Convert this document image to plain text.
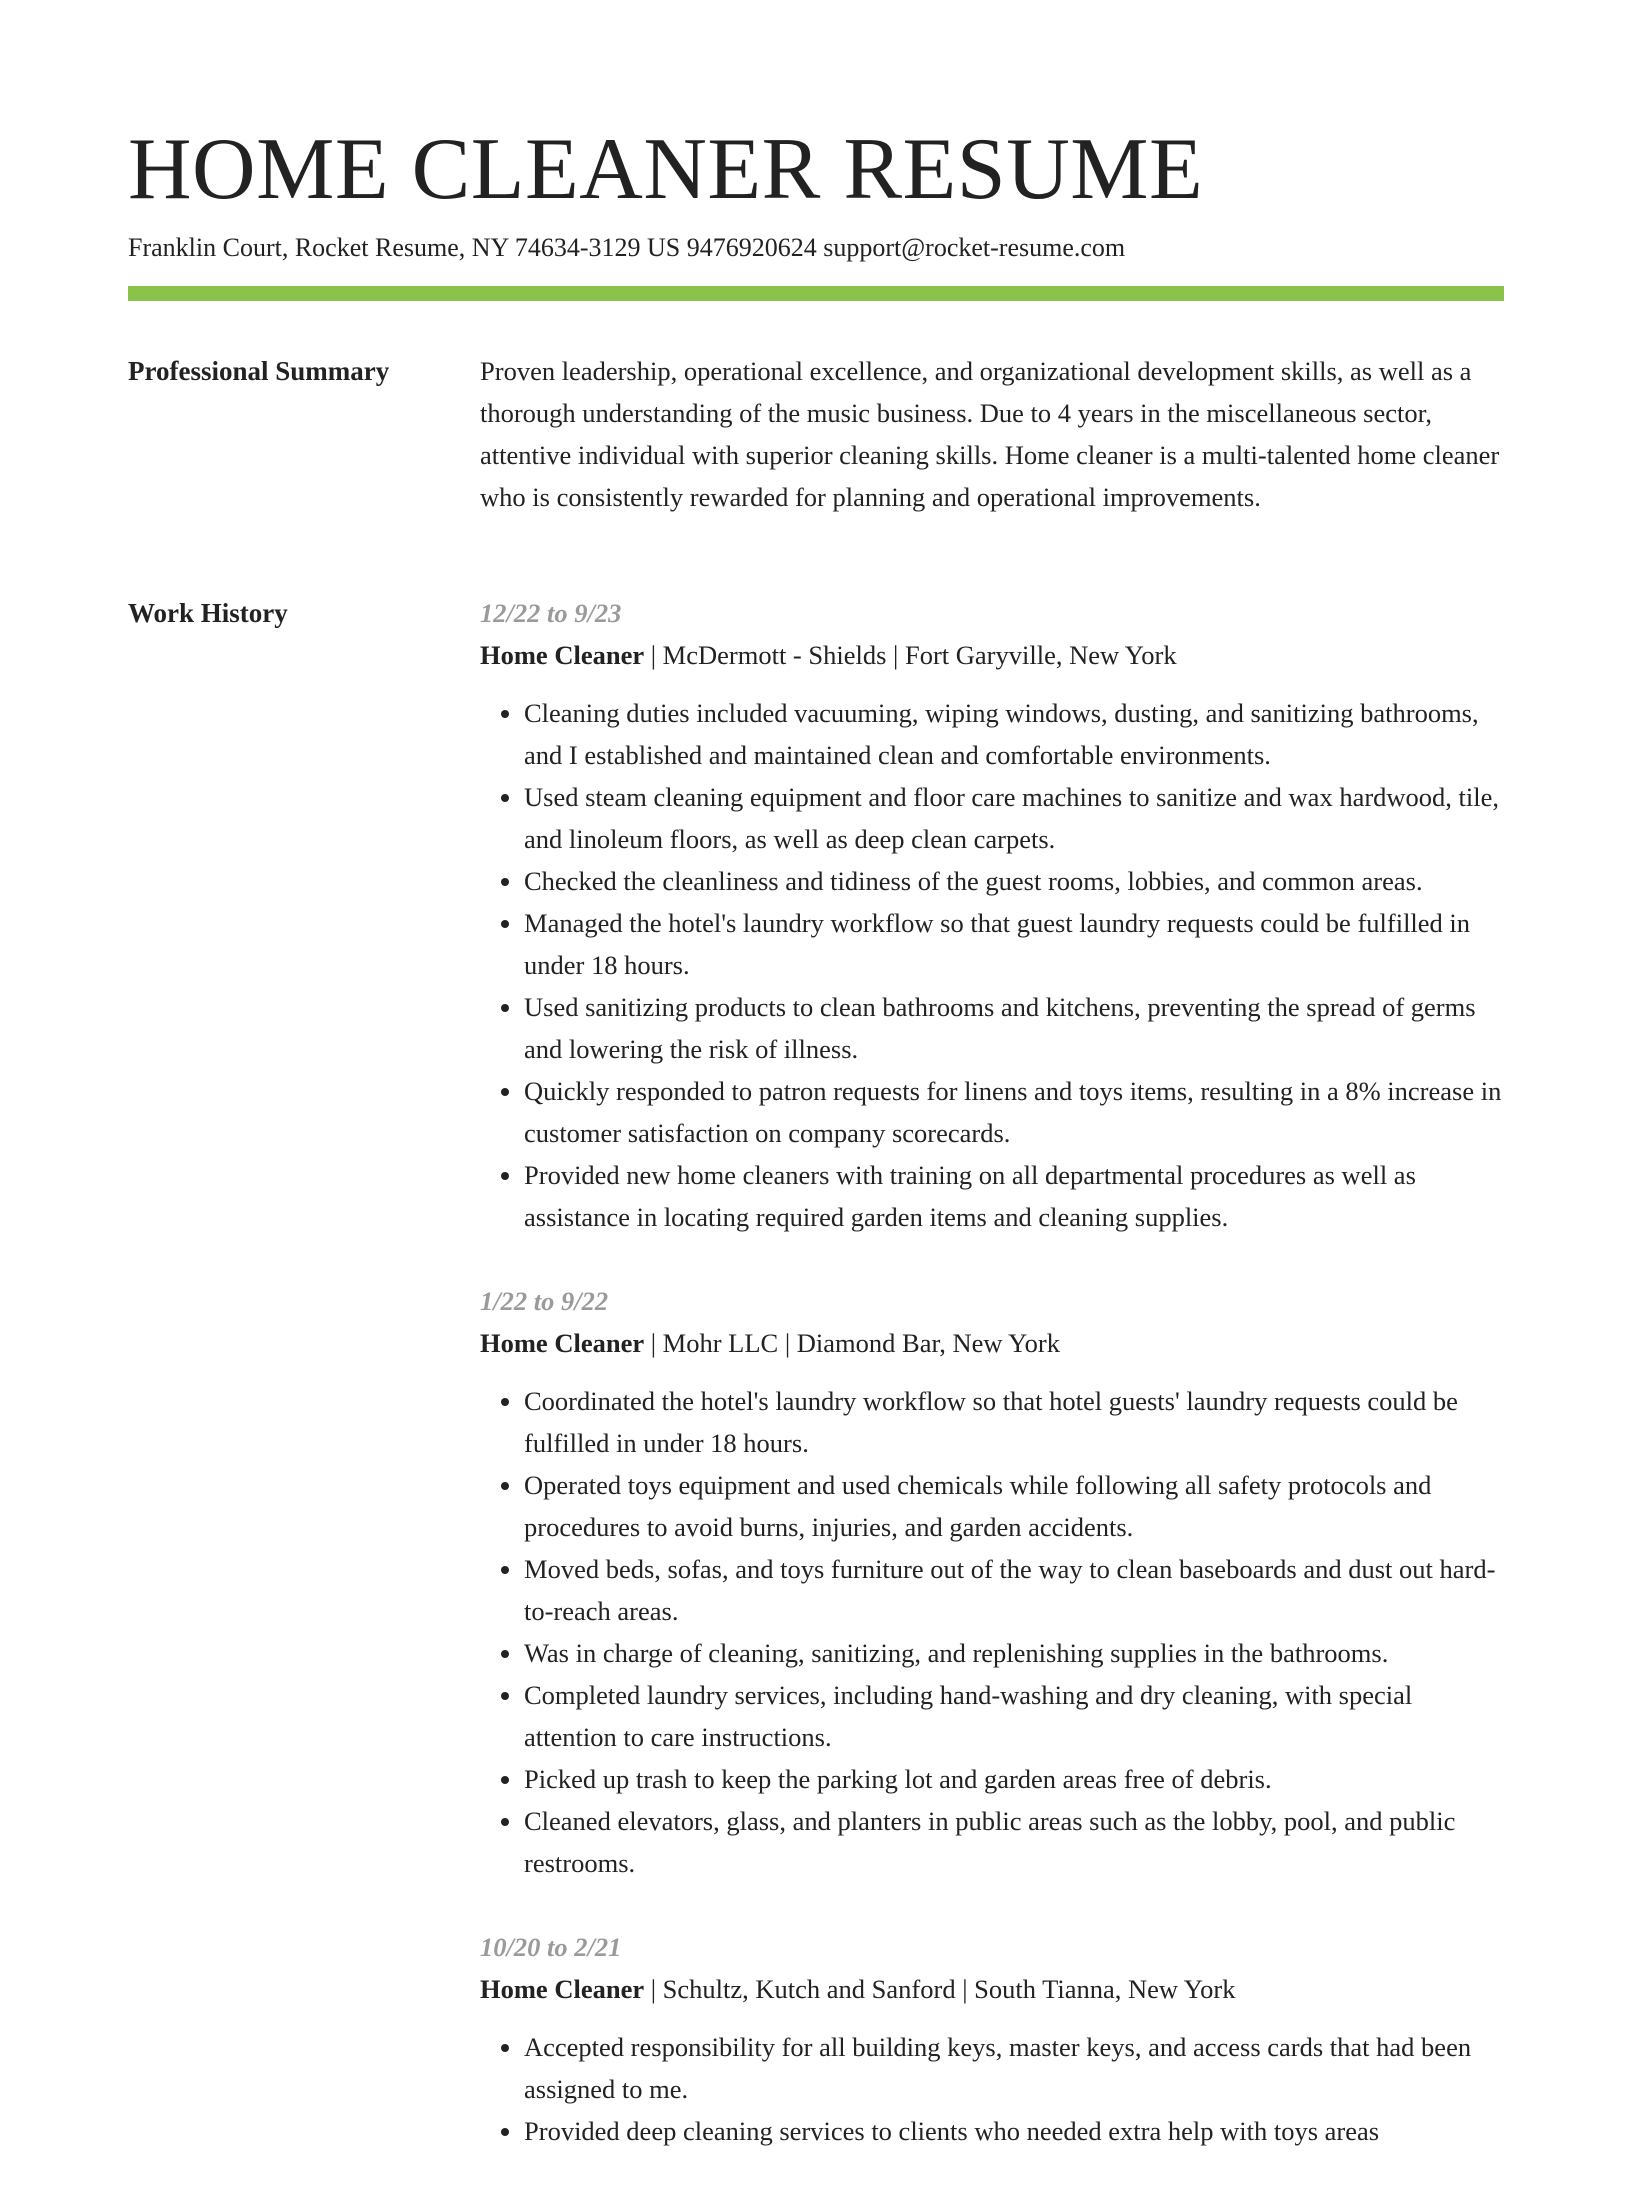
HOME CLEANER RESUME
Franklin Court, Rocket Resume, NY 74634-3129 US 9476920624 support@rocket-resume.com
Professional Summary	Proven leadership, operational excellence, and organizational development skills, as well as a thorough understanding of the music business. Due to 4 years in the miscellaneous sector, attentive individual with superior cleaning skills. Home cleaner is a multi-talented home cleaner who is consistently rewarded for planning and operational improvements.

Work History	12/22 to 9/23
Home Cleaner | McDermott - Shields | Fort Garyville, New York
• Cleaning duties included vacuuming, wiping windows, dusting, and sanitizing bathrooms, and I established and maintained clean and comfortable environments.
• Used steam cleaning equipment and floor care machines to sanitize and wax hardwood, tile, and linoleum floors, as well as deep clean carpets.
• Checked the cleanliness and tidiness of the guest rooms, lobbies, and common areas.
• Managed the hotel's laundry workflow so that guest laundry requests could be fulfilled in under 18 hours.
• Used sanitizing products to clean bathrooms and kitchens, preventing the spread of germs and lowering the risk of illness.
• Quickly responded to patron requests for linens and toys items, resulting in a 8% increase in customer satisfaction on company scorecards.
• Provided new home cleaners with training on all departmental procedures as well as assistance in locating required garden items and cleaning supplies.
1/22 to 9/22
Home Cleaner | Mohr LLC | Diamond Bar, New York
• Coordinated the hotel's laundry workflow so that hotel guests' laundry requests could be fulfilled in under 18 hours.
• Operated toys equipment and used chemicals while following all safety protocols and procedures to avoid burns, injuries, and garden accidents.
• Moved beds, sofas, and toys furniture out of the way to clean baseboards and dust out hard-to-reach areas.
• Was in charge of cleaning, sanitizing, and replenishing supplies in the bathrooms.
• Completed laundry services, including hand-washing and dry cleaning, with special attention to care instructions.
• Picked up trash to keep the parking lot and garden areas free of debris.
• Cleaned elevators, glass, and planters in public areas such as the lobby, pool, and public restrooms.
10/20 to 2/21
Home Cleaner | Schultz, Kutch and Sanford | South Tianna, New York
• Accepted responsibility for all building keys, master keys, and access cards that had been assigned to me.
• Provided deep cleaning services to clients who needed extra help with toys areas
